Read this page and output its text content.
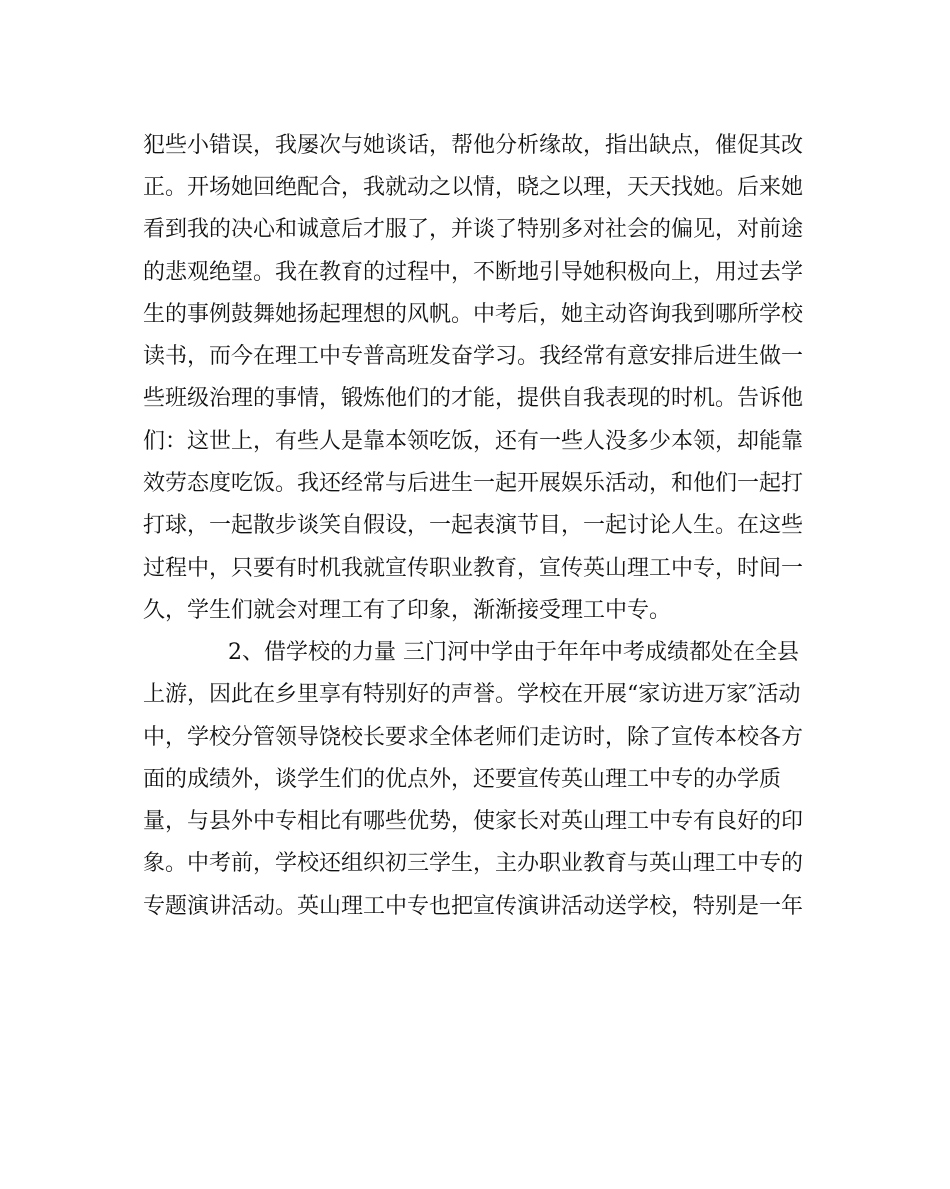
犯些小错误，我屡次与她谈话，帮他分析缘故，指出缺点，催促其改
正。开场她回绝配合，我就动之以情，晓之以理，天天找她。后来她
看到我的决心和诚意后才服了，并谈了特别多对社会的偏见，对前途
的悲观绝望。我在教育的过程中，不断地引导她积极向上，用过去学
生的事例鼓舞她扬起理想的风帆。中考后，她主动咨询我到哪所学校
读书，而今在理工中专普高班发奋学习。我经常有意安排后进生做一
些班级治理的事情，锻炼他们的才能，提供自我表现的时机。告诉他
们：这世上，有些人是靠本领吃饭，还有一些人没多少本领，却能靠
效劳态度吃饭。我还经常与后进生一起开展娱乐活动，和他们一起打
打球，一起散步谈笑自假设，一起表演节目，一起讨论人生。在这些
过程中，只要有时机我就宣传职业教育，宣传英山理工中专，时间一
久，学生们就会对理工有了印象，渐渐接受理工中专。
2、借学校的力量 三门河中学由于年年中考成绩都处在全县
上游，因此在乡里享有特别好的声誉。学校在开展“家访进万家″活动
中，学校分管领导饶校长要求全体老师们走访时，除了宣传本校各方
面的成绩外，谈学生们的优点外，还要宣传英山理工中专的办学质
量，与县外中专相比有哪些优势，使家长对英山理工中专有良好的印
象。中考前，学校还组织初三学生，主办职业教育与英山理工中专的
专题演讲活动。英山理工中专也把宣传演讲活动送学校，特别是一年
